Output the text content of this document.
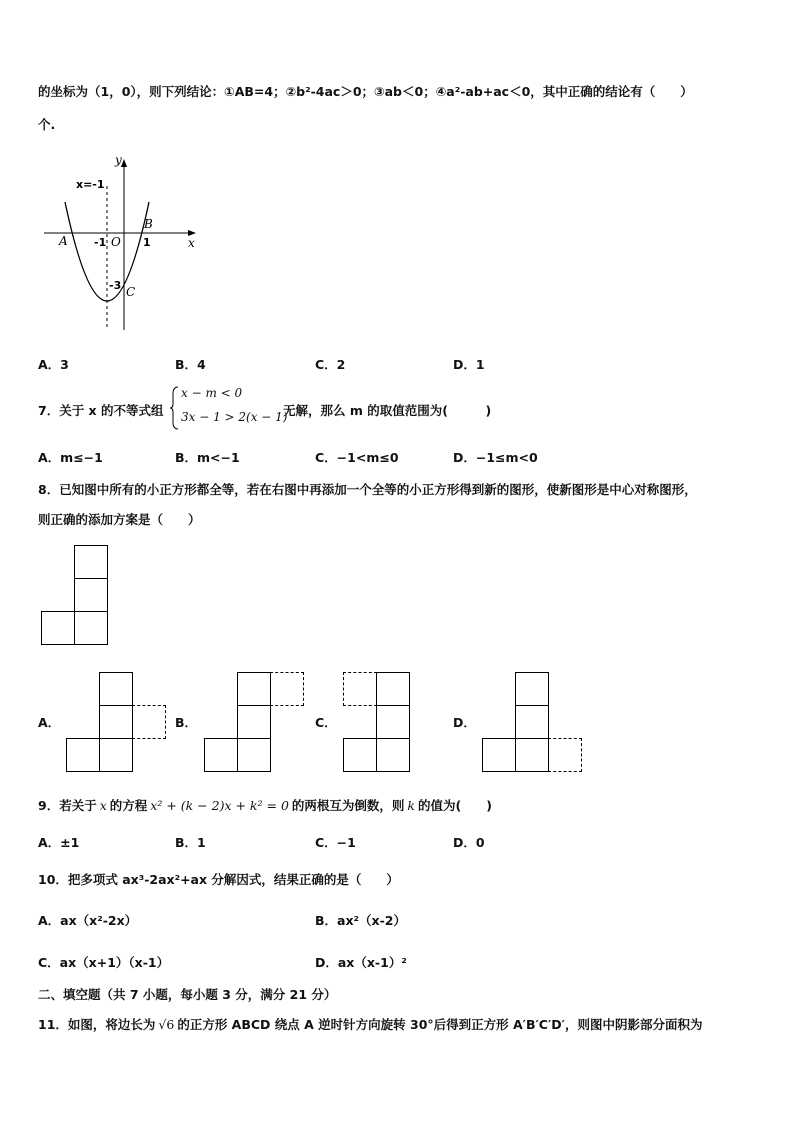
的坐标为（1，0），则下列结论：①AB=4；②b²-4ac＞0；③ab＜0；④a²-ab+ac＜0，其中正确的结论有（　　）
个.
y
x
x=-1
A
B
C
O
-1	1
-3
A．3	B．4	C．2	D．1
7．关于 x 的不等式组
x − m < 0
3x − 1 > 2(x − 1)
无解，那么 m 的取值范围为(　　　)
A．m≤−1	B．m<−1	C．−1<m≤0	D．−1≤m<0
8．已知图中所有的小正方形都全等，若在右图中再添加一个全等的小正方形得到新的图形，使新图形是中心对称图形，
则正确的添加方案是（　　）
A．	B．	C．	D．
9．若关于 x 的方程 x² + (k − 2)x + k² = 0 的两根互为倒数，则 k 的值为(　　)
A．±1	B．1	C．−1	D．0
10．把多项式 ax³-2ax²+ax 分解因式，结果正确的是（　　）
A．ax（x²-2x）	B．ax²（x-2）
C．ax（x+1）（x-1）	D．ax（x-1）²
二、填空题（共 7 小题，每小题 3 分，满分 21 分）
11．如图，将边长为 √6 的正方形 ABCD 绕点 A 逆时针方向旋转 30°后得到正方形 A′B′C′D′，则图中阴影部分面积为
